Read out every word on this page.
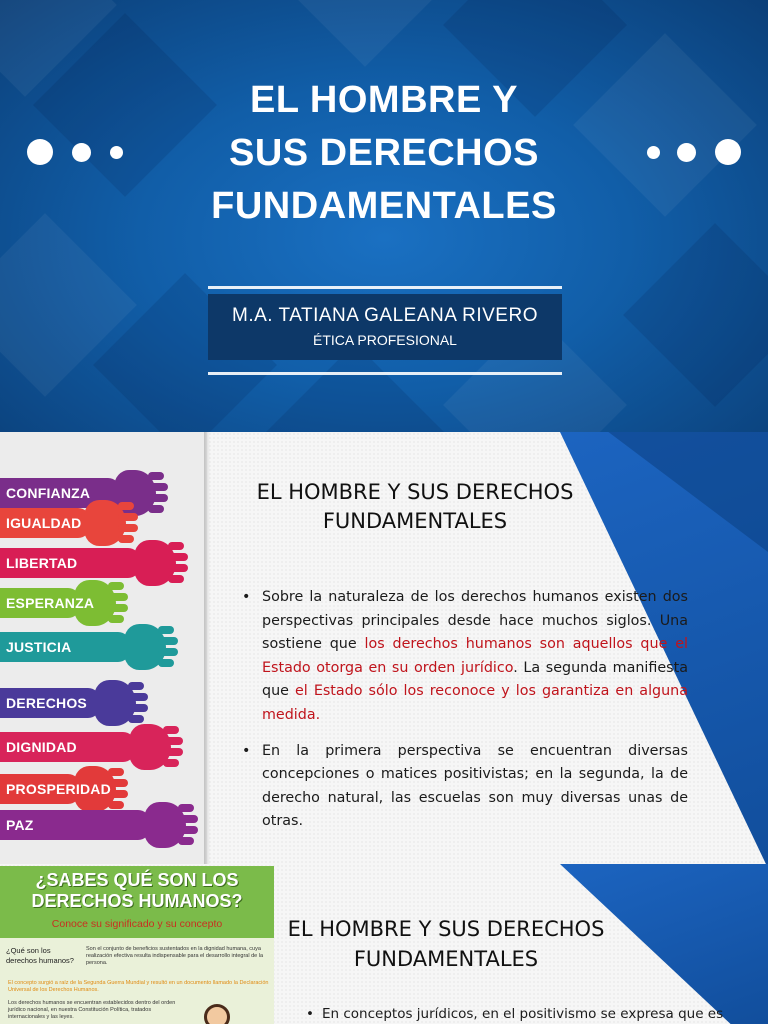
EL HOMBRE Y
SUS DERECHOS
FUNDAMENTALES
M.A. TATIANA GALEANA RIVERO
ÉTICA PROFESIONAL
CONFIANZA
IGUALDAD
LIBERTAD
ESPERANZA
JUSTICIA
DERECHOS
DIGNIDAD
PROSPERIDAD
PAZ
EL HOMBRE Y SUS DERECHOS
FUNDAMENTALES
• Sobre la naturaleza de los derechos humanos existen dos perspectivas principales desde hace muchos siglos. Una sostiene que los derechos humanos son aquellos que el Estado otorga en su orden jurídico. La segunda manifiesta que el Estado sólo los reconoce y los garantiza en alguna medida.
• En la primera perspectiva se encuentran diversas concepciones o matices positivistas; en la segunda, la de derecho natural, las escuelas son muy diversas unas de otras.
¿SABES QUÉ SON LOS
DERECHOS HUMANOS?
Conoce su significado y su concepto
¿Qué son los derechos humanos?
Son el conjunto de beneficios sustentados en la dignidad humana, cuya realización efectiva resulta indispensable para el desarrollo integral de la persona.
El concepto surgió a raíz de la Segunda Guerra Mundial y resultó en un documento llamado la Declaración Universal de los Derechos Humanos.
Los derechos humanos se encuentran establecidos dentro del orden jurídico nacional, en nuestra Constitución Política, tratados internacionales y las leyes.
EL HOMBRE Y SUS DERECHOS
FUNDAMENTALES
• En conceptos jurídicos, en el positivismo se expresa que es
